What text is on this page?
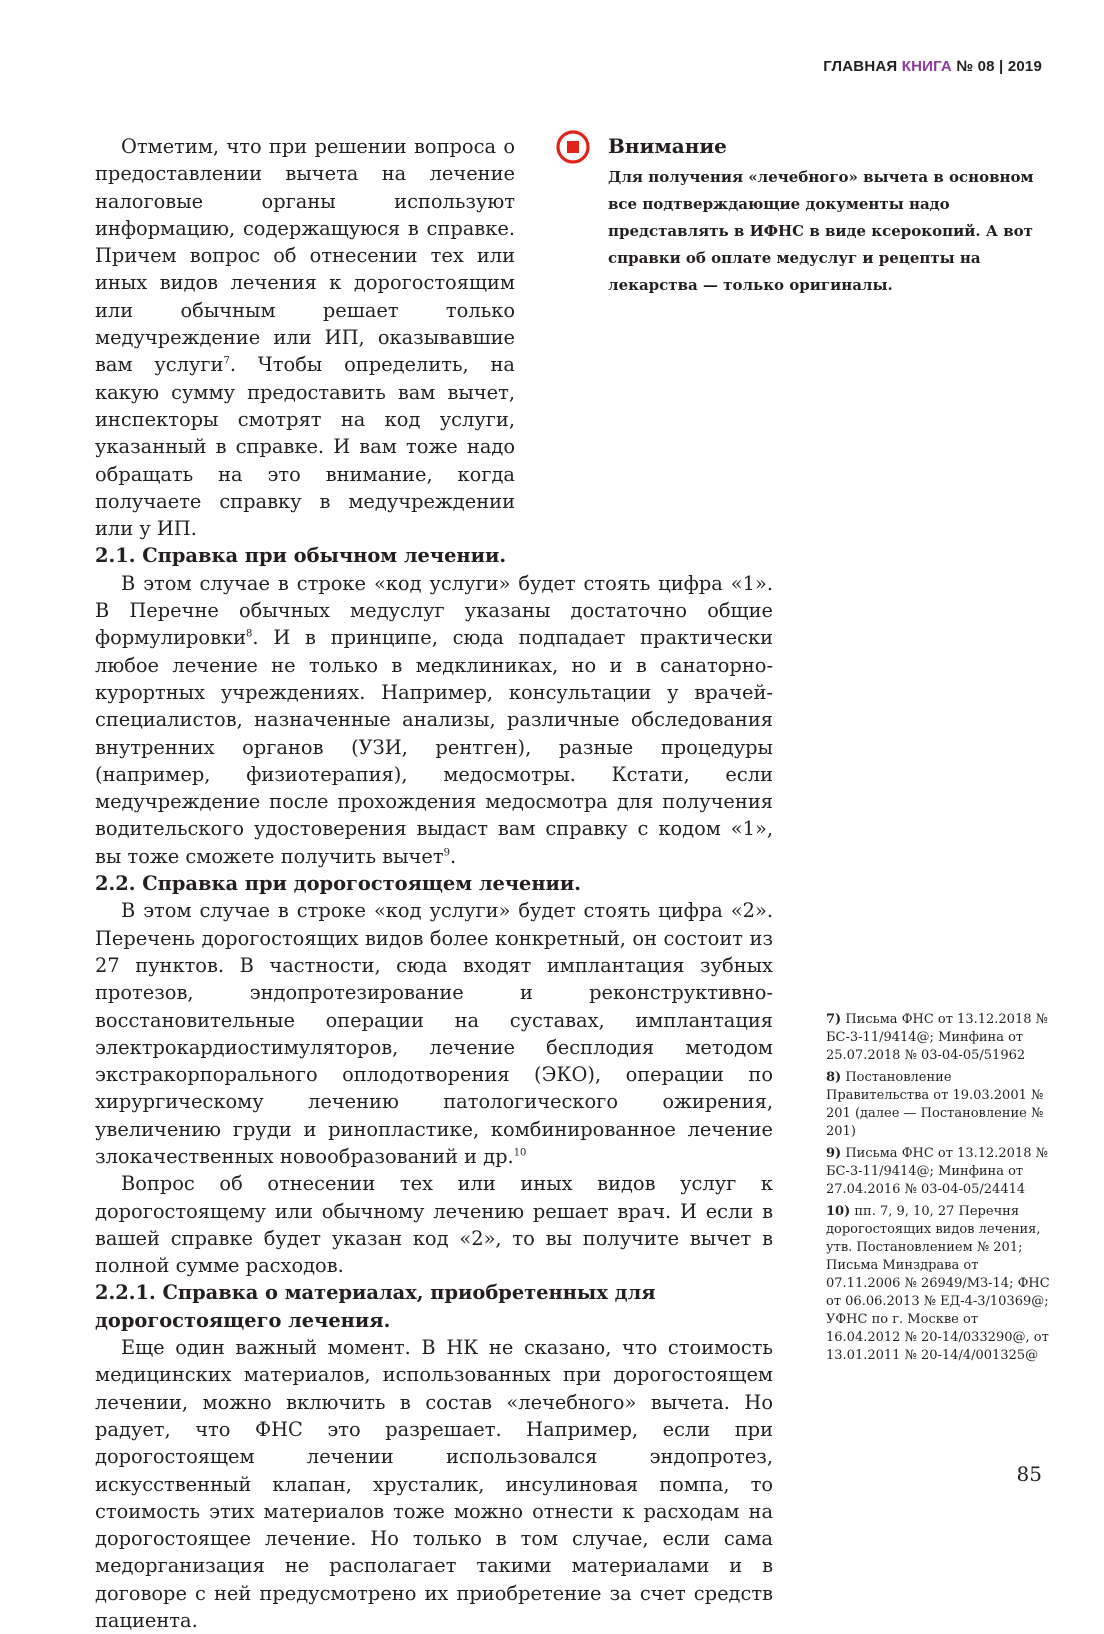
ГЛАВНАЯ КНИГА № 08 | 2019
Внимание

Для получения «лечебного» вычета в основном все подтверждающие документы надо представлять в ИФНС в виде ксерокопий. А вот справки об оплате медуслуг и рецепты на лекарства — только оригиналы.

Отметим, что при решении вопроса о предоставлении вычета на лечение налоговые органы используют информацию, содержащуюся в справке. Причем вопрос об отнесении тех или иных видов лечения к дорогостоящим или обычным решает только медучреждение или ИП, оказывавшие вам услуги$^7$. Чтобы определить, на какую сумму предоставить вам вычет, инспекторы смотрят на код услуги, указанный в справке. И вам тоже надо обращать на это внимание, когда получаете справку в медучреждении или у ИП.

2.1. Справка при обычном лечении.

В этом случае в строке «код услуги» будет стоять цифра «1». В Перечне обычных медуслуг указаны достаточно общие формулировки$^8$. И в принципе, сюда подпадает практически любое лечение не только в медклиниках, но и в санаторно-курортных учреждениях. Например, консультации у врачей-специалистов, назначенные анализы, различные обследования внутренних органов (УЗИ, рентген), разные процедуры (например, физиотерапия), медосмотры. Кстати, если медучреждение после прохождения медосмотра для получения водительского удостоверения выдаст вам справку с кодом «1», вы тоже сможете получить вычет$^9$.

2.2. Справка при дорогостоящем лечении.

В этом случае в строке «код услуги» будет стоять цифра «2». Перечень дорогостоящих видов более конкретный, он состоит из 27 пунктов. В частности, сюда входят имплантация зубных протезов, эндопротезирование и реконструктивно-восстановительные операции на суставах, имплантация электрокардиостимуляторов, лечение бесплодия методом экстракорпорального оплодотворения (ЭКО), операции по хирургическому лечению патологического ожирения, увеличению груди и ринопластике, комбинированное лечение злокачественных новообразований и др.$^{10}$

Вопрос об отнесении тех или иных видов услуг к дорогостоящему или обычному лечению решает врач. И если в вашей справке будет указан код «2», то вы получите вычет в полной сумме расходов.

2.2.1. Справка о материалах, приобретенных для дорогостоящего лечения.

Еще один важный момент. В НК не сказано, что стоимость медицинских материалов, использованных при дорогостоящем лечении, можно включить в состав «лечебного» вычета. Но радует, что ФНС это разрешает. Например, если при дорогостоящем лечении использовался эндопротез, искусственный клапан, хрусталик, инсулиновая помпа, то стоимость этих материалов тоже можно отнести к расходам на дорогостоящее лечение. Но только в том случае, если сама медорганизация не располагает такими материалами и в договоре с ней предусмотрено их приобретение за счет средств пациента.

7) Письма ФНС от 13.12.2018 № БС-3-11/9414@; Минфина от 25.07.2018 № 03-04-05/51962
8) Постановление Правительства от 19.03.2001 № 201 (далее — Постановление № 201)
9) Письма ФНС от 13.12.2018 № БС-3-11/9414@; Минфина от 27.04.2016 № 03-04-05/24414
10) пп. 7, 9, 10, 27 Перечня дорогостоящих видов лечения, утв. Постановлением № 201; Письма Минздрава от 07.11.2006 № 26949/МЗ-14; ФНС от 06.06.2013 № ЕД-4-3/10369@; УФНС по г. Москве от 16.04.2012 № 20-14/033290@, от 13.01.2011 № 20-14/4/001325@
85
